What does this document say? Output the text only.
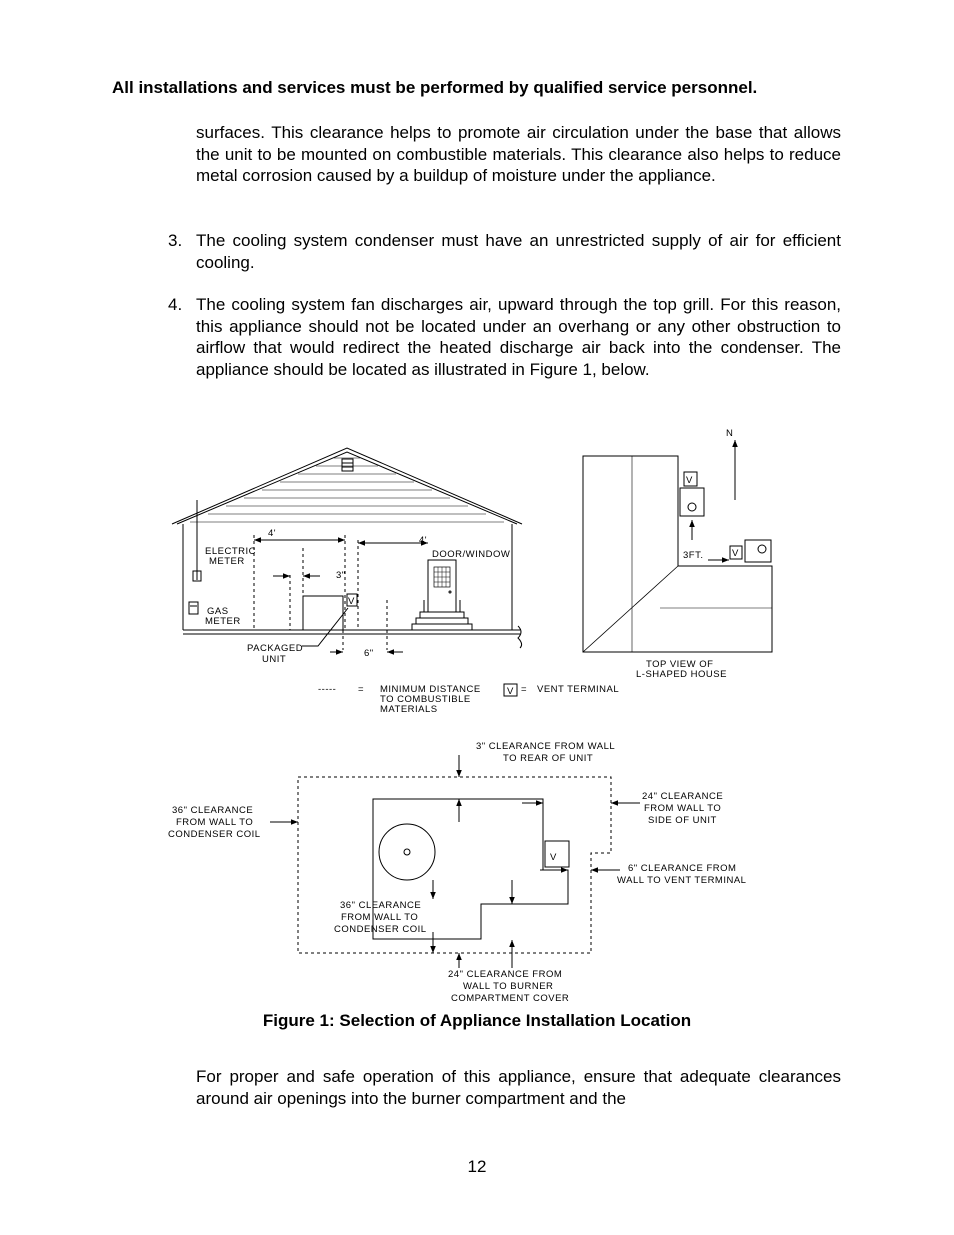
All installations and services must be performed by qualified service personnel.

surfaces. This clearance helps to promote air circulation under the base that allows the unit to be mounted on combustible materials. This clearance also helps to reduce metal corrosion caused by a buildup of moisture under the appliance.

3. The cooling system condenser must have an unrestricted supply of air for efficient cooling.

4. The cooling system fan discharges air, upward through the top grill. For this reason, this appliance should not be located under an overhang or any other obstruction to airflow that would redirect the heated discharge air back into the condenser. The appliance should be located as illustrated in Figure 1, below.

4'
4'
ELECTRIC
METER
DOOR/WINDOW
3"
GAS
METER
V
PACKAGED
UNIT
6"
N
V
V
3FT.
TOP VIEW OF
L-SHAPED HOUSE
----- = MINIMUM DISTANCE
TO COMBUSTIBLE
MATERIALS
V = VENT TERMINAL
3" CLEARANCE FROM WALL
TO REAR OF UNIT
24" CLEARANCE
FROM WALL TO
SIDE OF UNIT
36" CLEARANCE
FROM WALL TO
CONDENSER COIL
V
6" CLEARANCE FROM
WALL TO VENT TERMINAL
36" CLEARANCE
FROM WALL TO
CONDENSER COIL
24" CLEARANCE FROM
WALL TO BURNER
COMPARTMENT COVER
Figure 1: Selection of Appliance Installation Location

For proper and safe operation of this appliance, ensure that adequate clearances around air openings into the burner compartment and the

12
